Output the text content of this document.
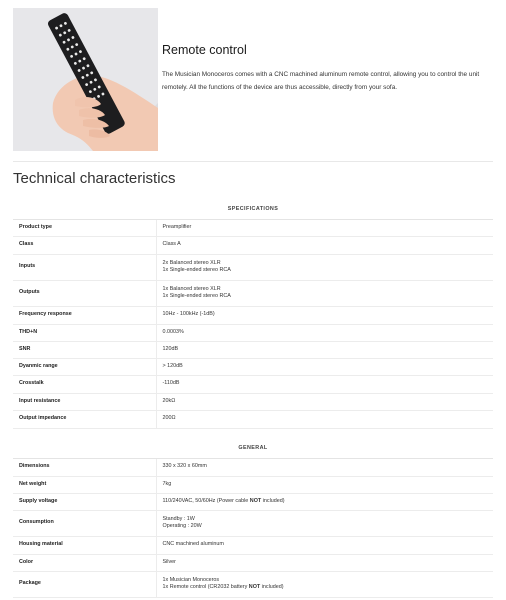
Remote control

The Musician Monoceros comes with a CNC machined aluminum remote control, allowing you to control the unit remotely. All the functions of the device are thus accessible, directly from your sofa.

Technical characteristics
SPECIFICATIONS	
Product type	Preamplifier
Class	Class A
Inputs	2x Balanced stereo XLR
1x Single-ended stereo RCA

Outputs	1x Balanced stereo XLR
1x Single-ended stereo RCA

Frequency response	10Hz - 100kHz (-1dB)
THD+N	0.0003%
SNR	120dB
Dyanmic range	> 120dB
Crosstalk	-110dB
Input resistance	20kΩ
Output impedance	200Ω
GENERAL	
Dimensions	330 x 320 x 60mm
Net weight	7kg
Supply voltage	110/240VAC, 50/60Hz (Power cable NOT included)
Consumption	Standby : 1W
Operating : 20W

Housing material	CNC machined aluminum
Color	Silver
Package	1x Musician Monoceros
1x Remote control (CR2032 battery NOT included)
